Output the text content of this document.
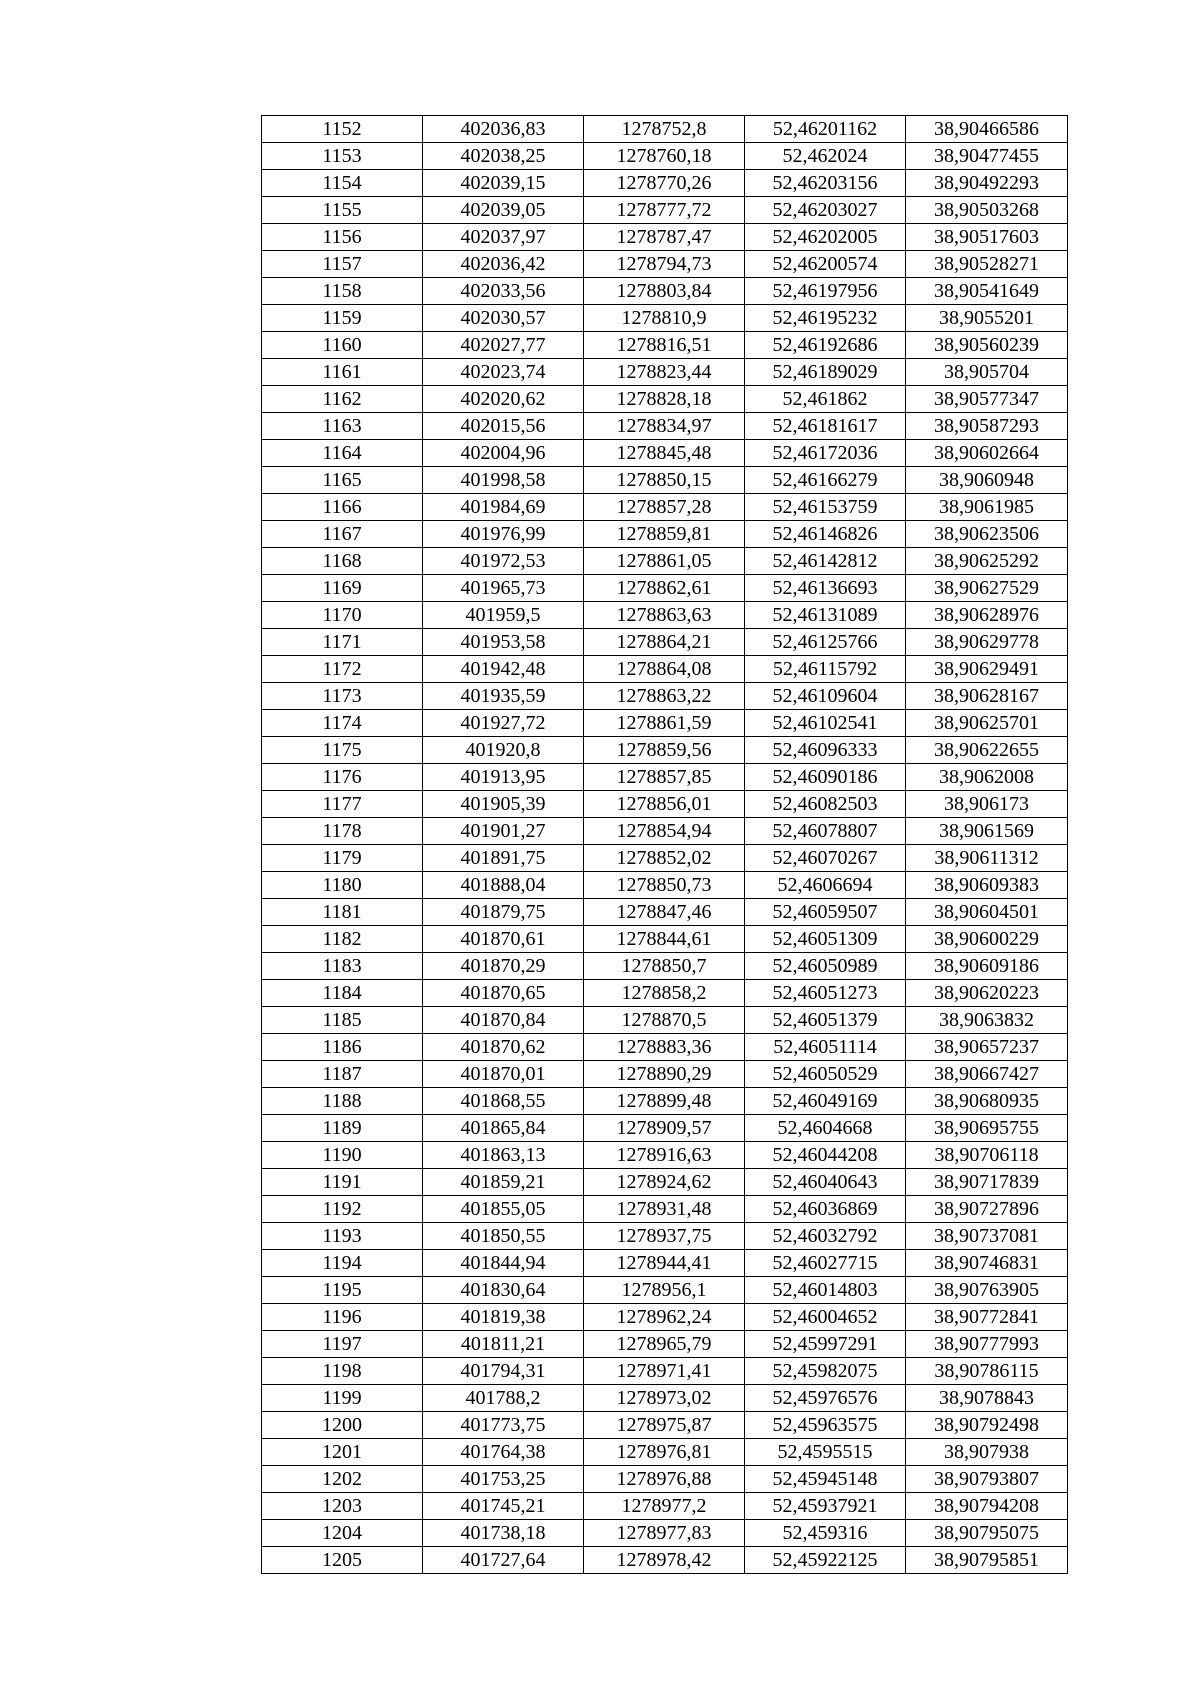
1152	402036,83	1278752,8	52,46201162	38,90466586
1153	402038,25	1278760,18	52,462024	38,90477455
1154	402039,15	1278770,26	52,46203156	38,90492293
1155	402039,05	1278777,72	52,46203027	38,90503268
1156	402037,97	1278787,47	52,46202005	38,90517603
1157	402036,42	1278794,73	52,46200574	38,90528271
1158	402033,56	1278803,84	52,46197956	38,90541649
1159	402030,57	1278810,9	52,46195232	38,9055201
1160	402027,77	1278816,51	52,46192686	38,90560239
1161	402023,74	1278823,44	52,46189029	38,905704
1162	402020,62	1278828,18	52,461862	38,90577347
1163	402015,56	1278834,97	52,46181617	38,90587293
1164	402004,96	1278845,48	52,46172036	38,90602664
1165	401998,58	1278850,15	52,46166279	38,9060948
1166	401984,69	1278857,28	52,46153759	38,9061985
1167	401976,99	1278859,81	52,46146826	38,90623506
1168	401972,53	1278861,05	52,46142812	38,90625292
1169	401965,73	1278862,61	52,46136693	38,90627529
1170	401959,5	1278863,63	52,46131089	38,90628976
1171	401953,58	1278864,21	52,46125766	38,90629778
1172	401942,48	1278864,08	52,46115792	38,90629491
1173	401935,59	1278863,22	52,46109604	38,90628167
1174	401927,72	1278861,59	52,46102541	38,90625701
1175	401920,8	1278859,56	52,46096333	38,90622655
1176	401913,95	1278857,85	52,46090186	38,9062008
1177	401905,39	1278856,01	52,46082503	38,906173
1178	401901,27	1278854,94	52,46078807	38,9061569
1179	401891,75	1278852,02	52,46070267	38,90611312
1180	401888,04	1278850,73	52,4606694	38,90609383
1181	401879,75	1278847,46	52,46059507	38,90604501
1182	401870,61	1278844,61	52,46051309	38,90600229
1183	401870,29	1278850,7	52,46050989	38,90609186
1184	401870,65	1278858,2	52,46051273	38,90620223
1185	401870,84	1278870,5	52,46051379	38,9063832
1186	401870,62	1278883,36	52,46051114	38,90657237
1187	401870,01	1278890,29	52,46050529	38,90667427
1188	401868,55	1278899,48	52,46049169	38,90680935
1189	401865,84	1278909,57	52,4604668	38,90695755
1190	401863,13	1278916,63	52,46044208	38,90706118
1191	401859,21	1278924,62	52,46040643	38,90717839
1192	401855,05	1278931,48	52,46036869	38,90727896
1193	401850,55	1278937,75	52,46032792	38,90737081
1194	401844,94	1278944,41	52,46027715	38,90746831
1195	401830,64	1278956,1	52,46014803	38,90763905
1196	401819,38	1278962,24	52,46004652	38,90772841
1197	401811,21	1278965,79	52,45997291	38,90777993
1198	401794,31	1278971,41	52,45982075	38,90786115
1199	401788,2	1278973,02	52,45976576	38,9078843
1200	401773,75	1278975,87	52,45963575	38,90792498
1201	401764,38	1278976,81	52,4595515	38,907938
1202	401753,25	1278976,88	52,45945148	38,90793807
1203	401745,21	1278977,2	52,45937921	38,90794208
1204	401738,18	1278977,83	52,459316	38,90795075
1205	401727,64	1278978,42	52,45922125	38,90795851
